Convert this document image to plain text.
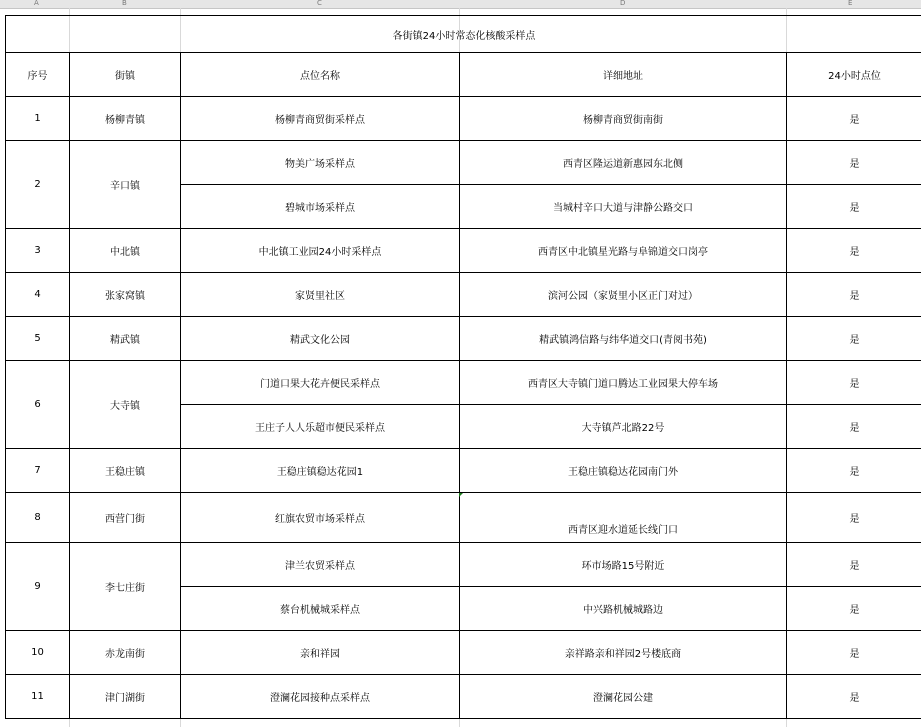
A	B	C	D	E
各街镇24小时常态化核酸采样点				
序号	街镇	点位名称	详细地址	24小时点位
1	杨柳青镇	杨柳青商贸街采样点	杨柳青商贸街南街	是
2	辛口镇	物美广场采样点	西青区隆运道新惠园东北侧	是
		碧城市场采样点	当城村辛口大道与津静公路交口	是
3	中北镇	中北镇工业园24小时采样点	西青区中北镇星光路与阜锦道交口岗亭	是
4	张家窝镇	家贤里社区	滨河公园（家贤里小区正门对过）	是
5	精武镇	精武文化公园	精武镇鸿信路与纬华道交口(青阅书苑)	是
6	大寺镇	门道口果大花卉便民采样点	西青区大寺镇门道口腾达工业园果大停车场	是
		王庄子人人乐超市便民采样点	大寺镇芦北路22号	是
7	王稳庄镇	王稳庄镇稳达花园1	王稳庄镇稳达花园南门外	是
8	西营门街	红旗农贸市场采样点	西青区迎水道延长线门口	是
9	李七庄街	津兰农贸采样点	环市场路15号附近	是
		蔡台机械城采样点	中兴路机械城路边	是
10	赤龙南街	亲和祥园	亲祥路亲和祥园2号楼底商	是
11	津门湖街	澄澜花园接种点采样点	澄澜花园公建	是
